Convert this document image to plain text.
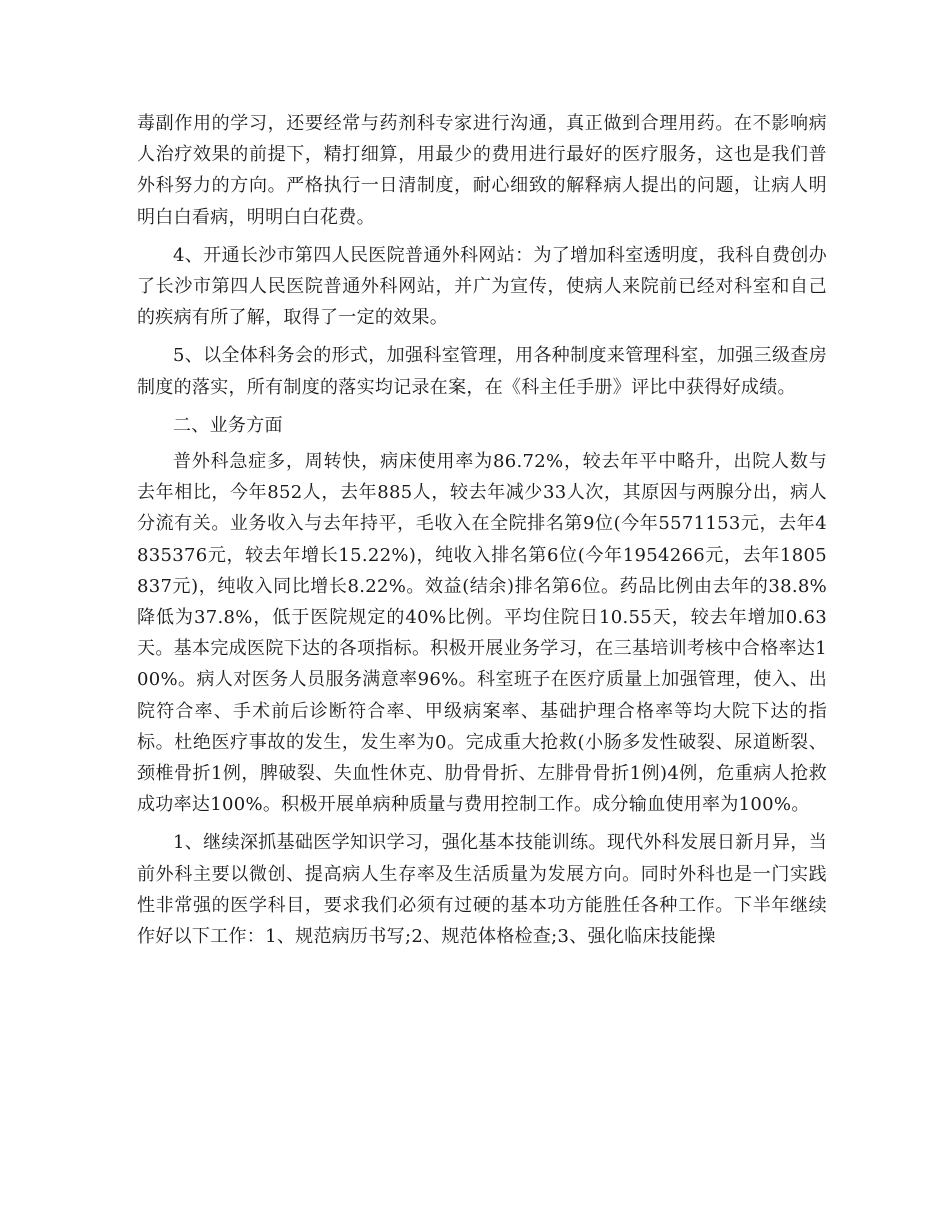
毒副作用的学习，还要经常与药剂科专家进行沟通，真正做到合理用药。在不影响病人治疗效果的前提下，精打细算，用最少的费用进行最好的医疗服务，这也是我们普外科努力的方向。严格执行一日清制度，耐心细致的解释病人提出的问题，让病人明明白白看病，明明白白花费。

4、开通长沙市第四人民医院普通外科网站：为了增加科室透明度，我科自费创办了长沙市第四人民医院普通外科网站，并广为宣传，使病人来院前已经对科室和自己的疾病有所了解，取得了一定的效果。

5、以全体科务会的形式，加强科室管理，用各种制度来管理科室，加强三级查房制度的落实，所有制度的落实均记录在案，在《科主任手册》评比中获得好成绩。

二、业务方面

普外科急症多，周转快，病床使用率为86.72%，较去年平中略升，出院人数与去年相比，今年852人，去年885人，较去年减少33人次，其原因与两腺分出，病人分流有关。业务收入与去年持平，毛收入在全院排名第9位(今年5571153元，去年4835376元，较去年增长15.22%)，纯收入排名第6位(今年1954266元，去年1805837元)，纯收入同比增长8.22%。效益(结余)排名第6位。药品比例由去年的38.8%降低为37.8%，低于医院规定的40%比例。平均住院日10.55天，较去年增加0.63天。基本完成医院下达的各项指标。积极开展业务学习，在三基培训考核中合格率达100%。病人对医务人员服务满意率96%。科室班子在医疗质量上加强管理，使入、出院符合率、手术前后诊断符合率、甲级病案率、基础护理合格率等均大院下达的指标。杜绝医疗事故的发生，发生率为0。完成重大抢救(小肠多发性破裂、尿道断裂、颈椎骨折1例，脾破裂、失血性休克、肋骨骨折、左腓骨骨折1例)4例，危重病人抢救成功率达100%。积极开展单病种质量与费用控制工作。成分输血使用率为100%。

1、继续深抓基础医学知识学习，强化基本技能训练。现代外科发展日新月异，当前外科主要以微创、提高病人生存率及生活质量为发展方向。同时外科也是一门实践性非常强的医学科目，要求我们必须有过硬的基本功方能胜任各种工作。下半年继续作好以下工作：1、规范病历书写;2、规范体格检查;3、强化临床技能操
